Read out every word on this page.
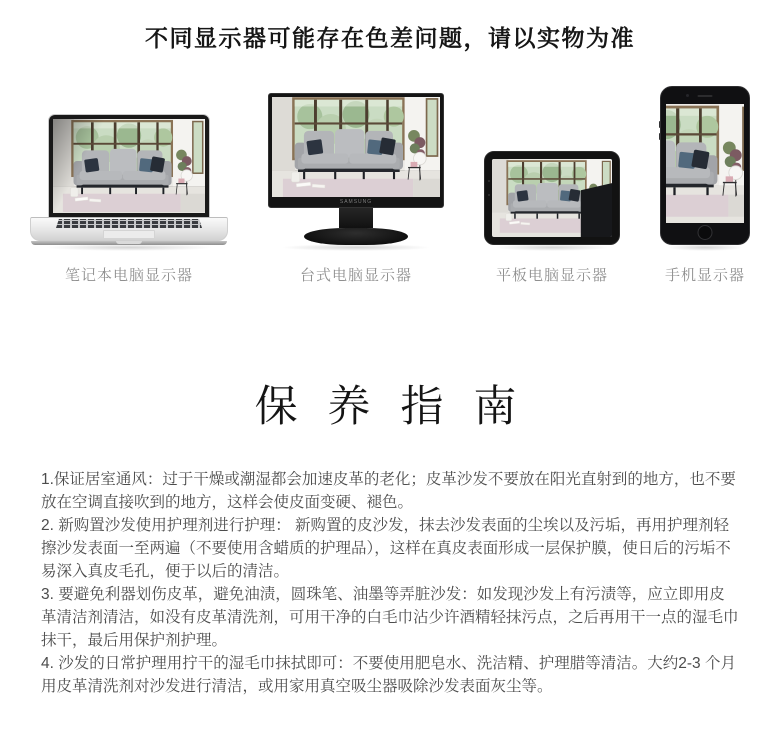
不同显示器可能存在色差问题，请以实物为准
笔记本电脑显示器
SAMSUNG
台式电脑显示器	平板电脑显示器	手机显示器
保 养 指 南

1.保证居室通风：过于干燥或潮湿都会加速皮革的老化；皮革沙发不要放在阳光直射到的地方，也不要放在空调直接吹到的地方，这样会使皮面变硬、褪色。

2. 新购置沙发使用护理剂进行护理： 新购置的皮沙发，抹去沙发表面的尘埃以及污垢，再用护理剂轻擦沙发表面一至两遍（不要使用含蜡质的护理品），这样在真皮表面形成一层保护膜，使日后的污垢不易深入真皮毛孔，便于以后的清洁。

3. 要避免利器划伤皮革，避免油渍，圆珠笔、油墨等弄脏沙发：如发现沙发上有污渍等，应立即用皮革清洁剂清洁，如没有皮革清洗剂，可用干净的白毛巾沾少许酒精轻抹污点，之后再用干一点的湿毛巾抹干，最后用保护剂护理。

4. 沙发的日常护理用拧干的湿毛巾抹拭即可：不要使用肥皂水、洗洁精、护理腊等清洁。大约2-3 个月用皮革清洗剂对沙发进行清洁，或用家用真空吸尘器吸除沙发表面灰尘等。
